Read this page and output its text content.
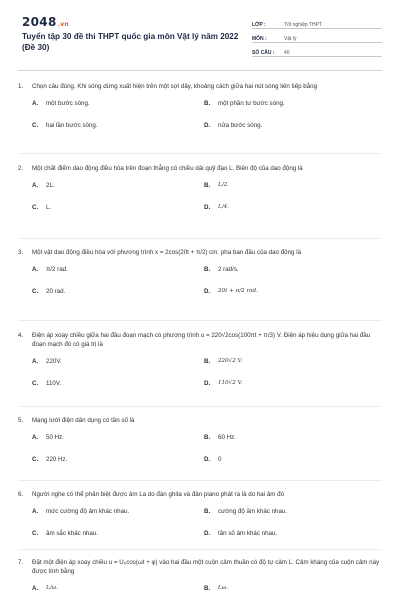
2048.vn
Tuyển tập 30 đề thi THPT quốc gia môn Vật lý năm 2022 (Đề 30)
LỚP :	Tốt nghiệp THPT
MÔN :	Vật lý
SỐ CÂU :	40
1.	Chọn câu đúng. Khi sóng dừng xuất hiện trên một sợi dây, khoảng cách giữa hai nút sóng liên tiếp bằng
A.	một bước sóng.	B.	một phần tư bước sóng.
C.	hai lần bước sóng.	D.	nửa bước sóng.
2.	Một chất điểm dao động điều hòa trên đoạn thẳng có chiều dài quỹ đạo L. Biên độ của dao động là
A.	2L.	B.	L/2.
C.	L.	D.	L/4.
3.	Một vật dao động điều hòa với phương trình x = 2cos(20t + π/2) cm. pha ban đầu của dao động là
A.	π/2 rad.	B.	2 rad/s.
C.	20 rad.	D.	20t + π/2 rad.
4.	Điện áp xoay chiều giữa hai đầu đoạn mạch có phương trình u = 220√2cos(100πt + π/3) V. Điện áp hiệu dụng giữa hai đầu đoạn mạch đó có giá trị là
A.	220V.	B.	220√2 V.
C.	110V.	D.	110√2 V.
5.	Mạng lưới điện dân dụng có tần số là
A.	50 Hz.	B.	60 Hz.
C.	220 Hz.	D.	0
6.	Người nghe có thể phân biệt được âm La do đàn ghita và đàn piano phát ra là do hai âm đó
A.	mức cường độ âm khác nhau.	B.	cường độ âm khác nhau.
C.	âm sắc khác nhau.	D.	tần số âm khác nhau.
7.	Đặt một điện áp xoay chiều u = U₀cos(ωt + φ) vào hai đầu một cuộn cảm thuần có độ tự cảm L. Cảm kháng của cuộn cảm này được tính bằng
A.	L/ω.	B.	Lω.
